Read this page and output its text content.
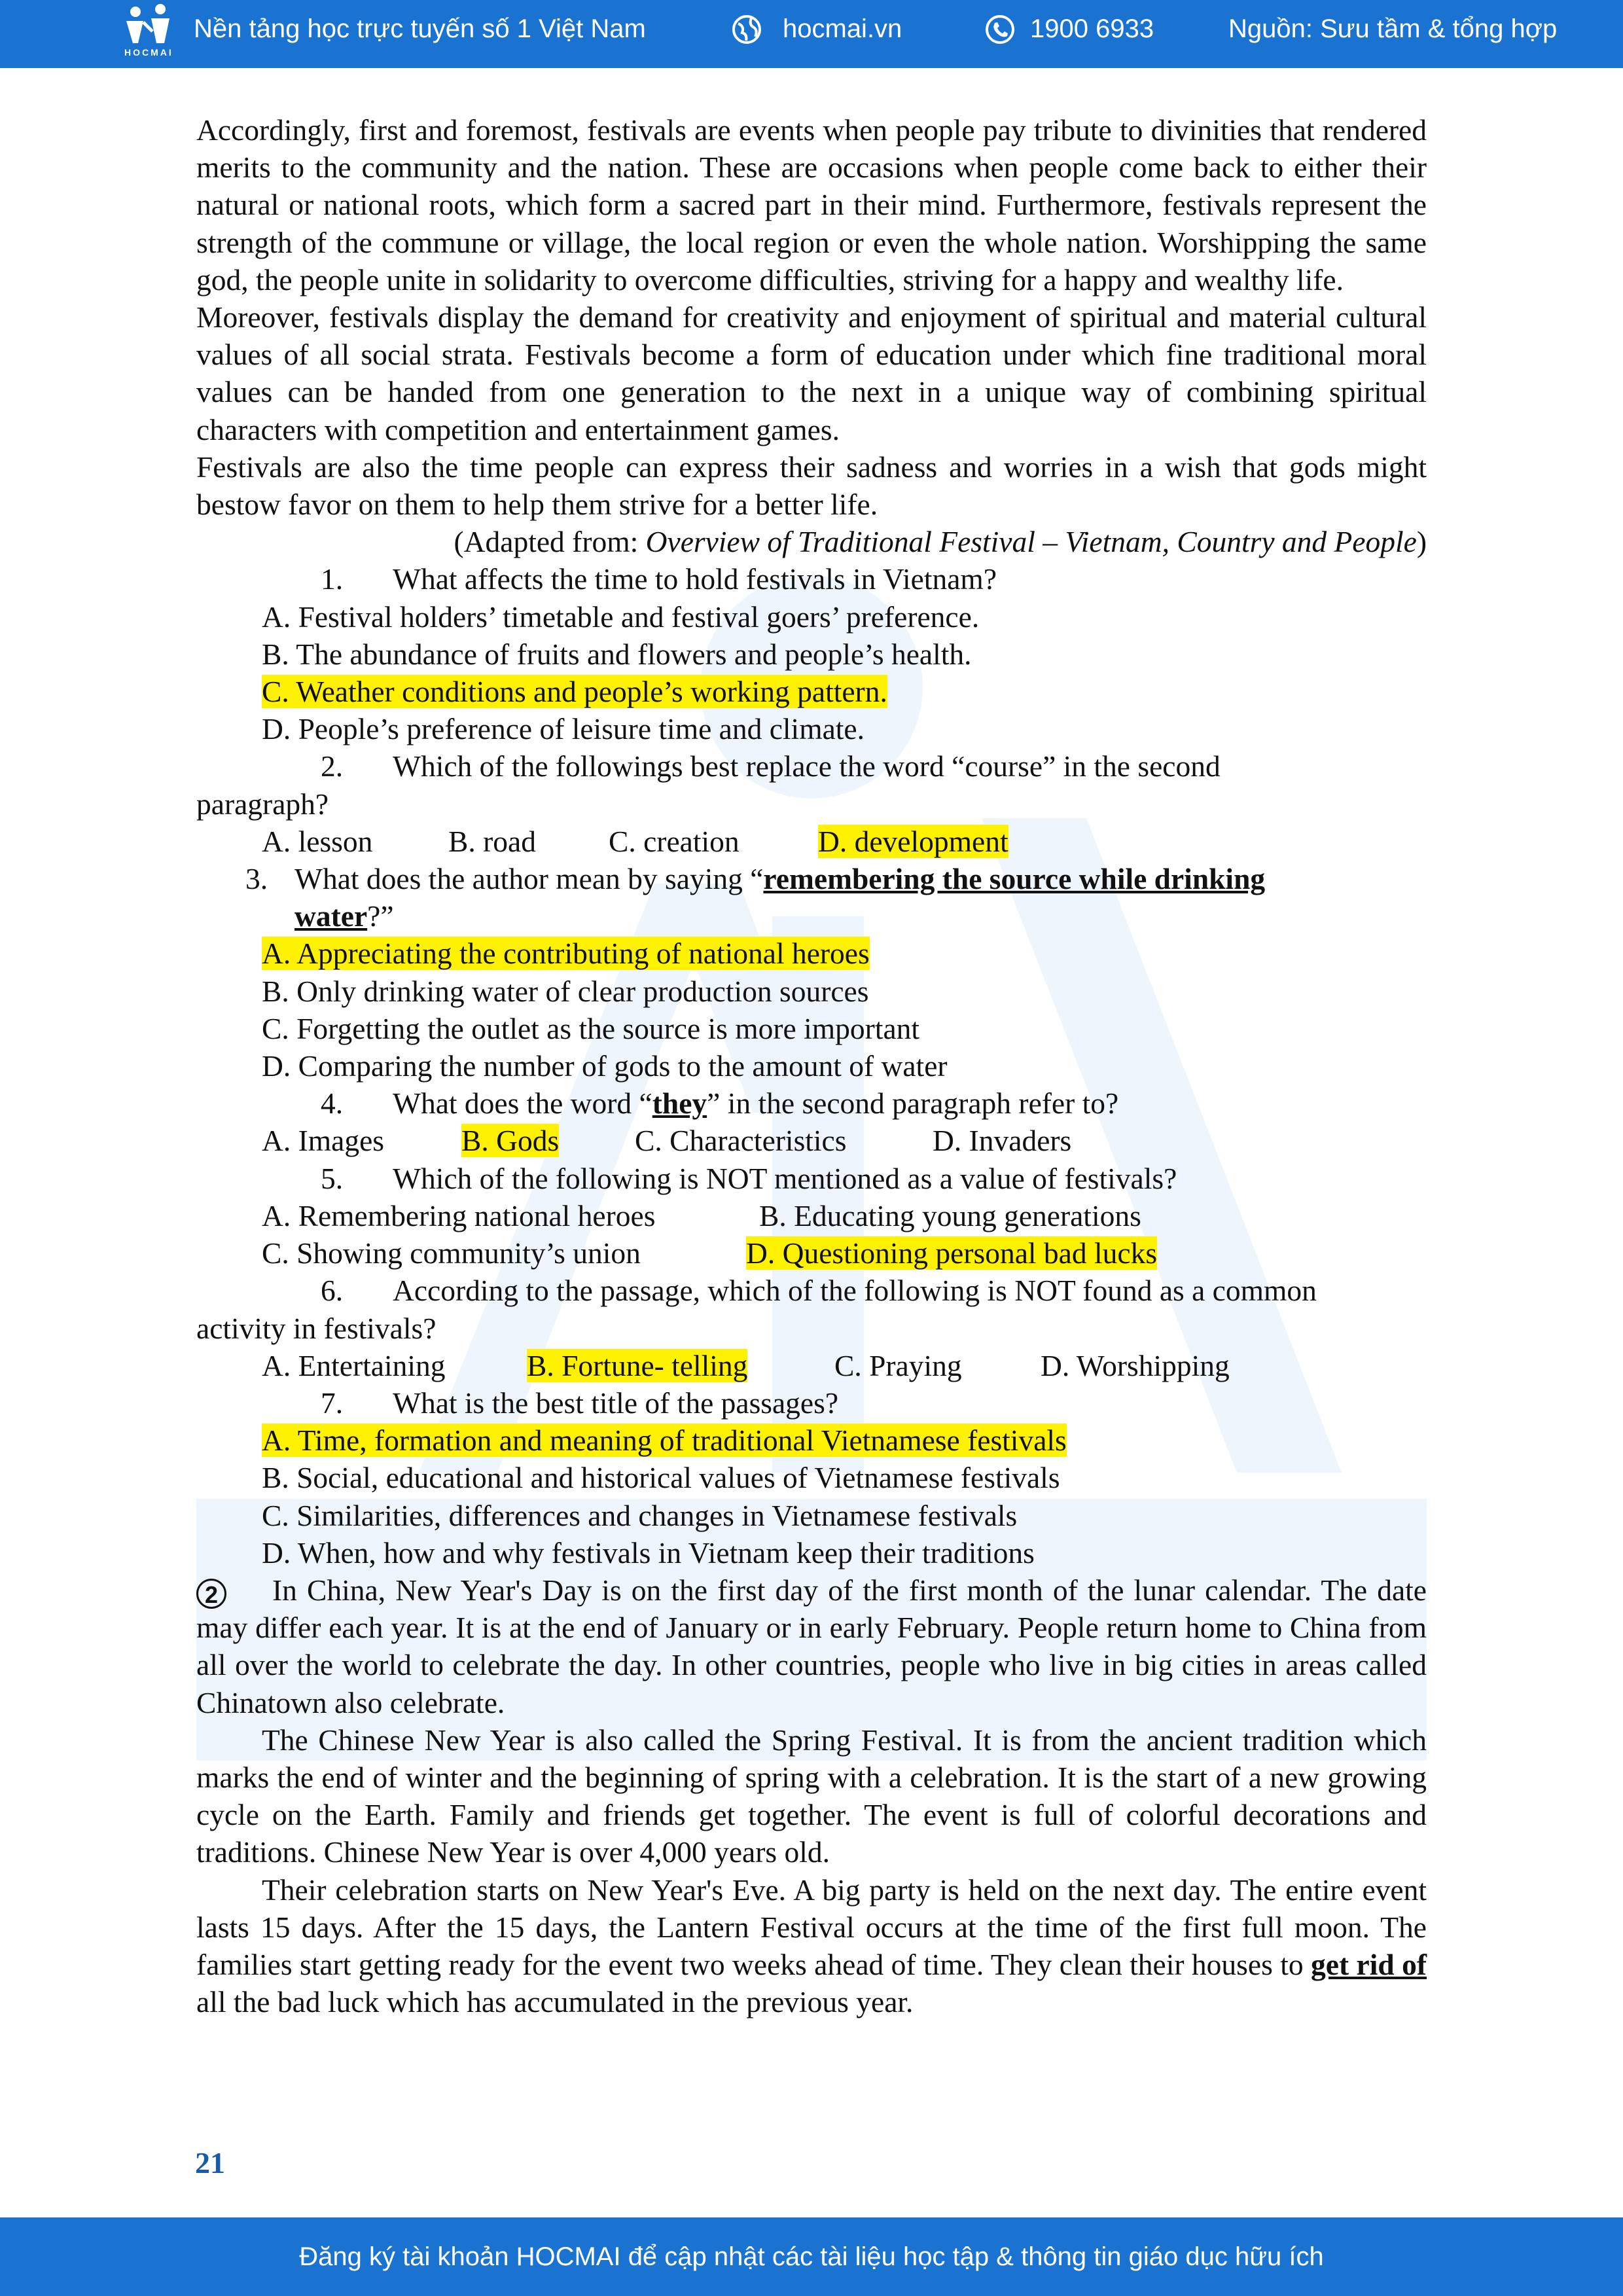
HOCMAI
Nền tảng học trực tuyến số 1 Việt Nam	hocmai.vn	1900 6933	Nguồn: Sưu tầm & tổng hợp

Accordingly, first and foremost, festivals are events when people pay tribute to divinities that rendered merits to the community and the nation. These are occasions when people come back to either their natural or national roots, which form a sacred part in their mind. Furthermore, festivals represent the strength of the commune or village, the local region or even the whole nation. Worshipping the same god, the people unite in solidarity to overcome difficulties, striving for a happy and wealthy life.

Moreover, festivals display the demand for creativity and enjoyment of spiritual and material cultural values of all social strata. Festivals become a form of education under which fine traditional moral values can be handed from one generation to the next in a unique way of combining spiritual characters with competition and entertainment games.

Festivals are also the time people can express their sadness and worries in a wish that gods might bestow favor on them to help them strive for a better life.

(Adapted from: Overview of Traditional Festival – Vietnam, Country and People)

1. What affects the time to hold festivals in Vietnam?

A. Festival holders’ timetable and festival goers’ preference.

B. The abundance of fruits and flowers and people’s health.

C. Weather conditions and people’s working pattern.

D. People’s preference of leisure time and climate.

2. Which of the followings best replace the word “course” in the second

paragraph?

A. lesson	B. road C. creation	D. development

3. What does the author mean by saying “remembering the source while drinking

water?”

A. Appreciating the contributing of national heroes

B. Only drinking water of clear production sources

C. Forgetting the outlet as the source is more important

D. Comparing the number of gods to the amount of water

4. What does the word “they” in the second paragraph refer to?

A. Images	B. Gods	C. Characteristics	D. Invaders

5. Which of the following is NOT mentioned as a value of festivals?

A. Remembering national heroes	B. Educating young generations

C. Showing community’s union	D. Questioning personal bad lucks

6. According to the passage, which of the following is NOT found as a common

activity in festivals?

A. Entertaining	B. Fortune- telling	C. Praying	D. Worshipping

7. What is the best title of the passages?

A. Time, formation and meaning of traditional Vietnamese festivals

B. Social, educational and historical values of Vietnamese festivals

C. Similarities, differences and changes in Vietnamese festivals

D. When, how and why festivals in Vietnam keep their traditions

2 In China, New Year's Day is on the first day of the first month of the lunar calendar. The date may differ each year. It is at the end of January or in early February. People return home to China from all over the world to celebrate the day. In other countries, people who live in big cities in areas called Chinatown also celebrate.

The Chinese New Year is also called the Spring Festival. It is from the ancient tradition which marks the end of winter and the beginning of spring with a celebration. It is the start of a new growing cycle on the Earth. Family and friends get together. The event is full of colorful decorations and traditions. Chinese New Year is over 4,000 years old.

Their celebration starts on New Year's Eve. A big party is held on the next day. The entire event lasts 15 days. After the 15 days, the Lantern Festival occurs at the time of the first full moon. The families start getting ready for the event two weeks ahead of time. They clean their houses to get rid of all the bad luck which has accumulated in the previous year.

21
Đăng ký tài khoản HOCMAI để cập nhật các tài liệu học tập & thông tin giáo dục hữu ích
